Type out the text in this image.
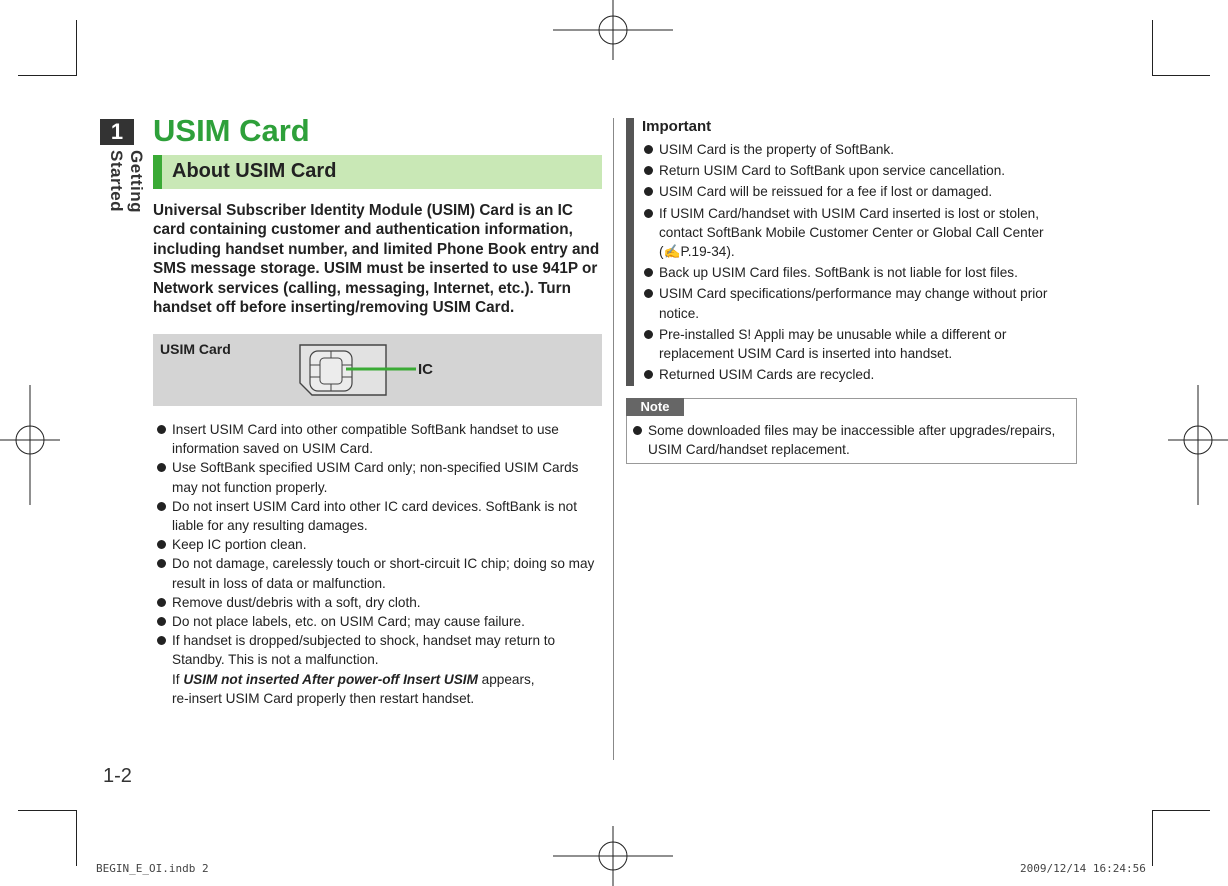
1
Getting Started
1-2
USIM Card
About USIM Card
Universal Subscriber Identity Module (USIM) Card is an IC card containing customer and authentication information, including handset number, and limited Phone Book entry and SMS message storage. USIM must be inserted to use 941P or Network services (calling, messaging, Internet, etc.). Turn handset off before inserting/removing USIM Card.
USIM Card
IC
Insert USIM Card into other compatible SoftBank handset to use information saved on USIM Card.
Use SoftBank specified USIM Card only; non-specified USIM Cards may not function properly.
Do not insert USIM Card into other IC card devices. SoftBank is not liable for any resulting damages.
Keep IC portion clean.
Do not damage, carelessly touch or short-circuit IC chip; doing so may result in loss of data or malfunction.
Remove dust/debris with a soft, dry cloth.
Do not place labels, etc. on USIM Card; may cause failure.
If handset is dropped/subjected to shock, handset may return to Standby. This is not a malfunction.
If USIM not inserted After power-off Insert USIM appears,
re-insert USIM Card properly then restart handset.
Important
USIM Card is the property of SoftBank.
Return USIM Card to SoftBank upon service cancellation.
USIM Card will be reissued for a fee if lost or damaged.
If USIM Card/handset with USIM Card inserted is lost or stolen, contact SoftBank Mobile Customer Center or Global Call Center
(✍P.19-34).
Back up USIM Card files. SoftBank is not liable for lost files.
USIM Card specifications/performance may change without prior notice.
Pre-installed S! Appli may be unusable while a different or replacement USIM Card is inserted into handset.
Returned USIM Cards are recycled.
Note
Some downloaded files may be inaccessible after upgrades/repairs, USIM Card/handset replacement.
BEGIN_E_OI.indb 2	2009/12/14 16:24:56
